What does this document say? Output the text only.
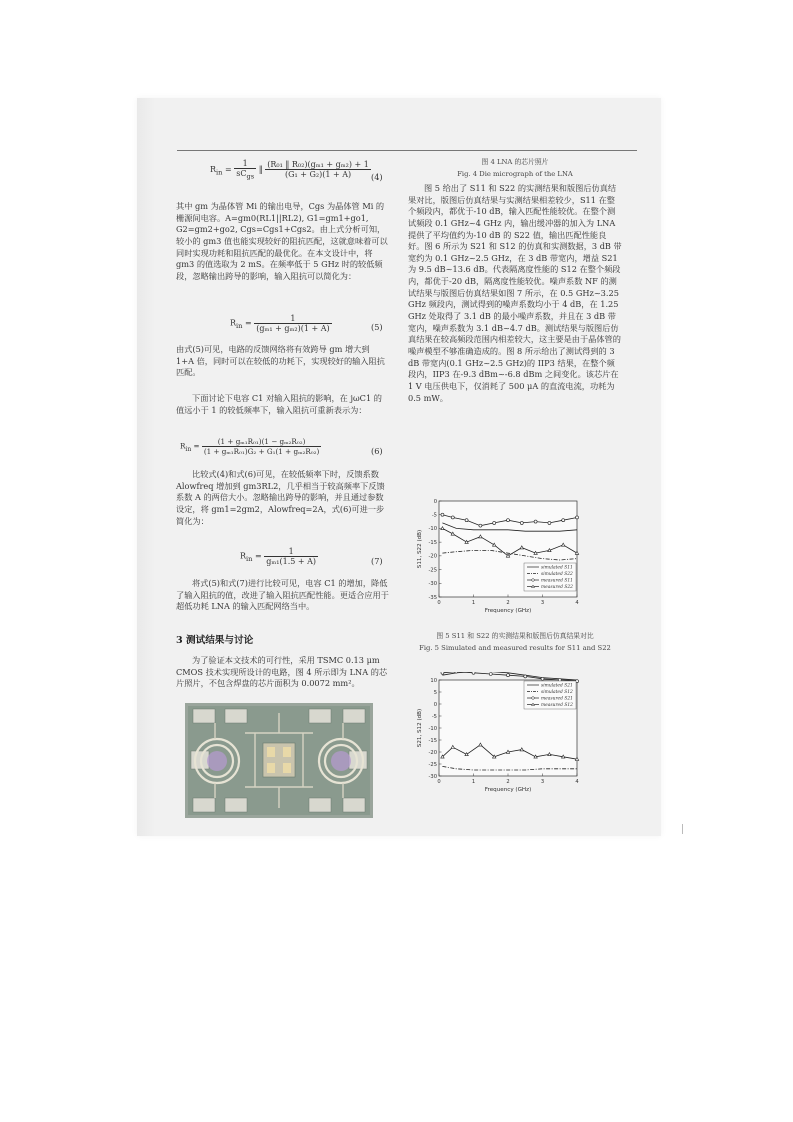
$R_{in} = \frac{1}{sC_{gs}}$ ‖ $\frac{\text{(R₀₁ ‖ R₀₂)(gₘ₁ + gₘ₂) + 1}}{\text{(G₁ + G₂)(1 + A)}} (4)$
其中 gm 为晶体管 Mi 的输出电导，Cgs 为晶体管 Mi 的栅源间电容。A=gm0(RL1||RL2), G1=gm1+go1, G2=gm2+go2, Cgs=Cgs1+Cgs2。由上式分析可知，较小的 gm3 值也能实现较好的阻抗匹配，这就意味着可以同时实现功耗和阻抗匹配的最优化。在本文设计中，将 gm3 的值选取为 2 mS。在频率低于 5 GHz 时的较低频段，忽略输出跨导的影响，输入阻抗可以简化为：
$R_{in} = \frac{1}{\text{(gₘ₁ + gₘ₂)(1 + A)}}$	(5)
由式(5)可见，电路的反馈网络将有效跨导 gm 增大到 1+A 倍，同时可以在较低的功耗下，实现较好的输入阻抗匹配。
下面讨论下电容 C1 对输入阻抗的影响，在 jωC1 的值远小于 1 的较低频率下，输入阻抗可重新表示为：
$R_{in} = \frac{\text{(1 + gₘ₁R₀₁)(1 − gₘ₂R₀₂)}}{\text{(1 + gₘ₁R₀₁)G₂ + G₁(1 + gₘ₂R₀₂)}}$	(6)
比较式(4)和式(6)可见，在较低频率下时，反馈系数 Alowfreq 增加到 gm3RL2，几乎相当于较高频率下反馈系数 A 的两倍大小。忽略输出跨导的影响，并且通过参数设定，将 gm1=2gm2，Alowfreq=2A，式(6)可进一步简化为：
$R_{in} = \frac{1}{\text{gₘ₁(1.5 + A)}}$	(7)
将式(5)和式(7)进行比较可见，电容 C1 的增加，降低了输入阻抗的值，改进了输入阻抗匹配性能。更适合应用于超低功耗 LNA 的输入匹配网络当中。
3 测试结果与讨论
为了验证本文技术的可行性，采用 TSMC 0.13 μm CMOS 技术实现所设计的电路，图 4 所示即为 LNA 的芯片照片，不包含焊盘的芯片面积为 0.0072 mm²。
图 4 LNA 的芯片照片
Fig. 4 Die micrograph of the LNA
图 5 给出了 S11 和 S22 的实测结果和版图后仿真结果对比，版图后仿真结果与实测结果相差较少，S11 在整个频段内，都优于-10 dB，输入匹配性能较优。在整个测试频段 0.1 GHz~4 GHz 内，输出缓冲器的加入为 LNA 提供了平均值约为-10 dB 的 S22 值，输出匹配性能良好。图 6 所示为 S21 和 S12 的仿真和实测数据，3 dB 带宽约为 0.1 GHz~2.5 GHz，在 3 dB 带宽内，增益 S21 为 9.5 dB~13.6 dB。代表隔离度性能的 S12 在整个频段内，都优于-20 dB，隔离度性能较优。噪声系数 NF 的测试结果与版图后仿真结果如图 7 所示，在 0.5 GHz~3.25 GHz 频段内，测试得到的噪声系数均小于 4 dB，在 1.25 GHz 处取得了 3.1 dB 的最小噪声系数，并且在 3 dB 带宽内，噪声系数为 3.1 dB~4.7 dB。测试结果与版图后仿真结果在较高频段范围内相差较大，这主要是由于晶体管的噪声模型不够准确造成的。图 8 所示给出了测试得到的 3 dB 带宽内(0.1 GHz~2.5 GHz)的 IIP3 结果，在整个频段内，IIP3 在-9.3 dBm~-6.8 dBm 之间变化。该芯片在 1 V 电压供电下，仅消耗了 500 μA 的直流电流，功耗为 0.5 mW。
0	1	2	3	4
0
-5
-10
-15
-20
-25
-30
-35
Frequency (GHz)
S11, S22 (dB)	simulated S11
simulated S22
measured S11
measured S22
图 5 S11 和 S22 的实测结果和版图后仿真结果对比
Fig. 5 Simulated and measured results for S11 and S22
0	1	2	3	4
10
5
0
-5
-10
-15
-20
-25
-30
Frequency (GHz)
S21, S12 (dB)
simulated S21
simulated S12
measured S21
measured S12
